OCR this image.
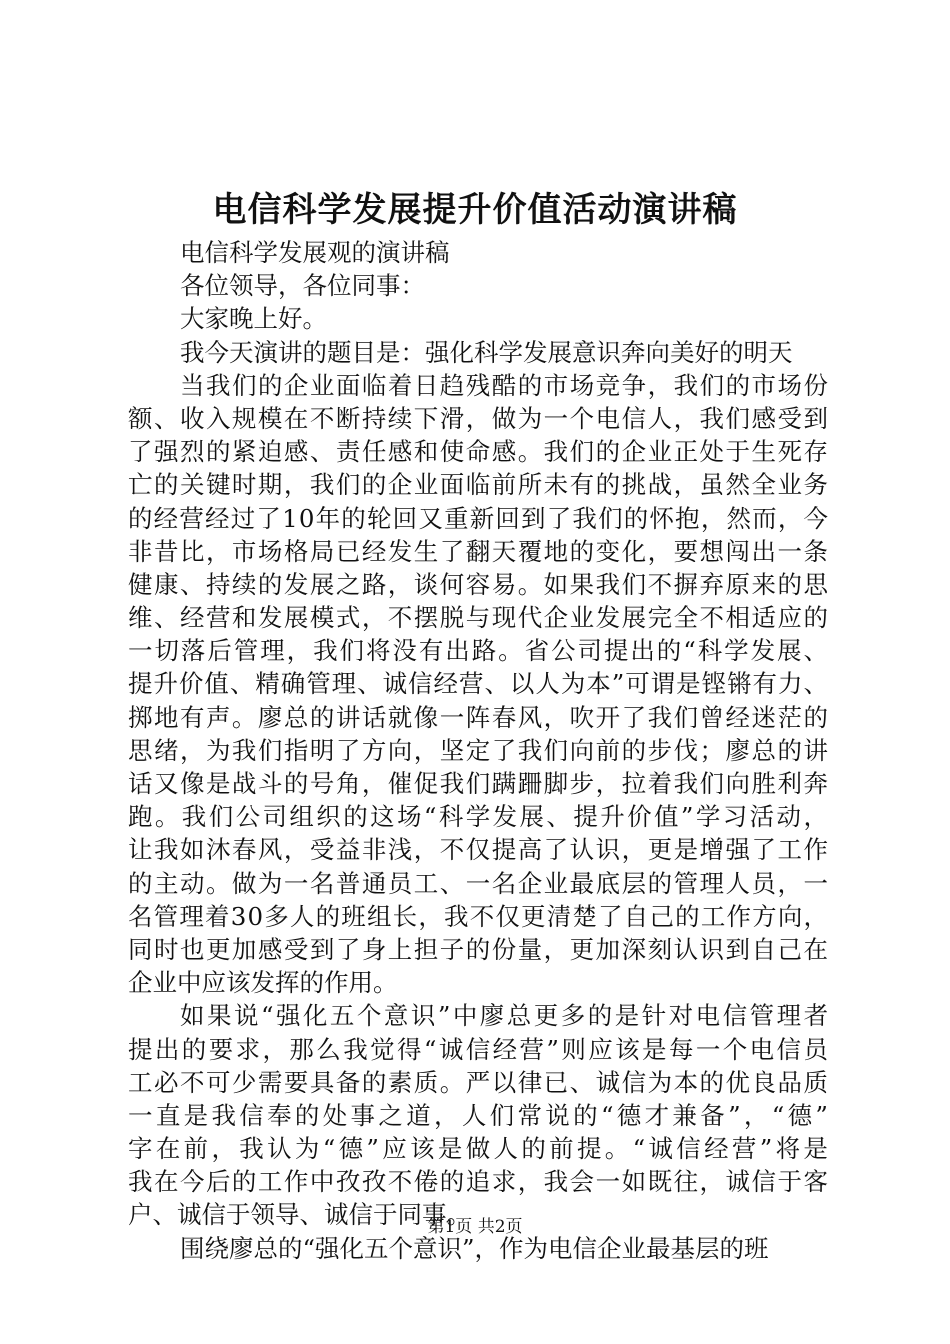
电信科学发展提升价值活动演讲稿
电信科学发展观的演讲稿
各位领导，各位同事：
大家晚上好。
我今天演讲的题目是：强化科学发展意识奔向美好的明天
当我们的企业面临着日趋残酷的市场竞争，我们的市场份
额、收入规模在不断持续下滑，做为一个电信人，我们感受到
了强烈的紧迫感、责任感和使命感。我们的企业正处于生死存
亡的关键时期，我们的企业面临前所未有的挑战，虽然全业务
的经营经过了10年的轮回又重新回到了我们的怀抱，然而，今
非昔比，市场格局已经发生了翻天覆地的变化，要想闯出一条
健康、持续的发展之路，谈何容易。如果我们不摒弃原来的思
维、经营和发展模式，不摆脱与现代企业发展完全不相适应的
一切落后管理，我们将没有出路。省公司提出的“科学发展、
提升价值、精确管理、诚信经营、以人为本”可谓是铿锵有力、
掷地有声。廖总的讲话就像一阵春风，吹开了我们曾经迷茫的
思绪，为我们指明了方向，坚定了我们向前的步伐；廖总的讲
话又像是战斗的号角，催促我们蹒跚脚步，拉着我们向胜利奔
跑。我们公司组织的这场“科学发展、提升价值”学习活动，
让我如沐春风，受益非浅，不仅提高了认识，更是增强了工作
的主动。做为一名普通员工、一名企业最底层的管理人员，一
名管理着30多人的班组长，我不仅更清楚了自己的工作方向，
同时也更加感受到了身上担子的份量，更加深刻认识到自己在
企业中应该发挥的作用。
如果说“强化五个意识”中廖总更多的是针对电信管理者
提出的要求，那么我觉得“诚信经营”则应该是每一个电信员
工必不可少需要具备的素质。严以律已、诚信为本的优良品质
一直是我信奉的处事之道，人们常说的“德才兼备”，“德”
字在前，我认为“德”应该是做人的前提。“诚信经营”将是
我在今后的工作中孜孜不倦的追求，我会一如既往，诚信于客
户、诚信于领导、诚信于同事。
围绕廖总的“强化五个意识”，作为电信企业最基层的班
第1页 共2页
